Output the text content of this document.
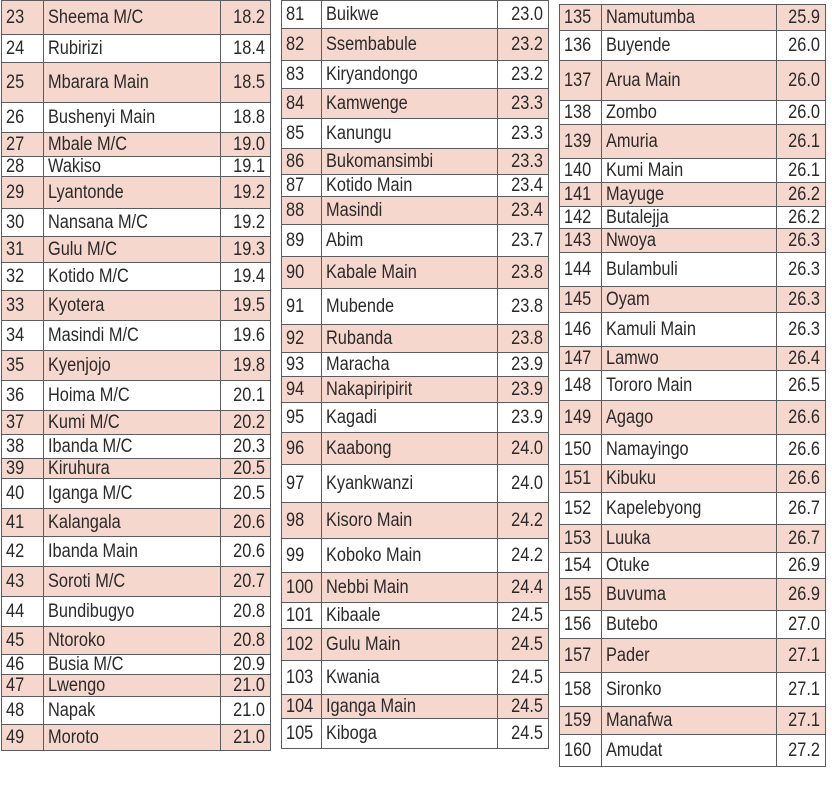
23	Sheema M/C	18.2
24	Rubirizi	18.4
25	Mbarara Main	18.5
26	Bushenyi Main	18.8
27	Mbale M/C	19.0
28	Wakiso	19.1
29	Lyantonde	19.2
30	Nansana M/C	19.2
31	Gulu M/C	19.3
32	Kotido M/C	19.4
33	Kyotera	19.5
34	Masindi M/C	19.6
35	Kyenjojo	19.8
36	Hoima M/C	20.1
37	Kumi M/C	20.2
38	Ibanda M/C	20.3
39	Kiruhura	20.5
40	Iganga M/C	20.5
41	Kalangala	20.6
42	Ibanda Main	20.6
43	Soroti M/C	20.7
44	Bundibugyo	20.8
45	Ntoroko	20.8
46	Busia M/C	20.9
47	Lwengo	21.0
48	Napak	21.0
49	Moroto	21.0
81	Buikwe	23.0
82	Ssembabule	23.2
83	Kiryandongo	23.2
84	Kamwenge	23.3
85	Kanungu	23.3
86	Bukomansimbi	23.3
87	Kotido Main	23.4
88	Masindi	23.4
89	Abim	23.7
90	Kabale Main	23.8
91	Mubende	23.8
92	Rubanda	23.8
93	Maracha	23.9
94	Nakapiripirit	23.9
95	Kagadi	23.9
96	Kaabong	24.0
97	Kyankwanzi	24.0
98	Kisoro Main	24.2
99	Koboko Main	24.2
100	Nebbi Main	24.4
101	Kibaale	24.5
102	Gulu Main	24.5
103	Kwania	24.5
104	Iganga Main	24.5
105	Kiboga	24.5
135	Namutumba	25.9
136	Buyende	26.0
137	Arua Main	26.0
138	Zombo	26.0
139	Amuria	26.1
140	Kumi Main	26.1
141	Mayuge	26.2
142	Butalejja	26.2
143	Nwoya	26.3
144	Bulambuli	26.3
145	Oyam	26.3
146	Kamuli Main	26.3
147	Lamwo	26.4
148	Tororo Main	26.5
149	Agago	26.6
150	Namayingo	26.6
151	Kibuku	26.6
152	Kapelebyong	26.7
153	Luuka	26.7
154	Otuke	26.9
155	Buvuma	26.9
156	Butebo	27.0
157	Pader	27.1
158	Sironko	27.1
159	Manafwa	27.1
160	Amudat	27.2
